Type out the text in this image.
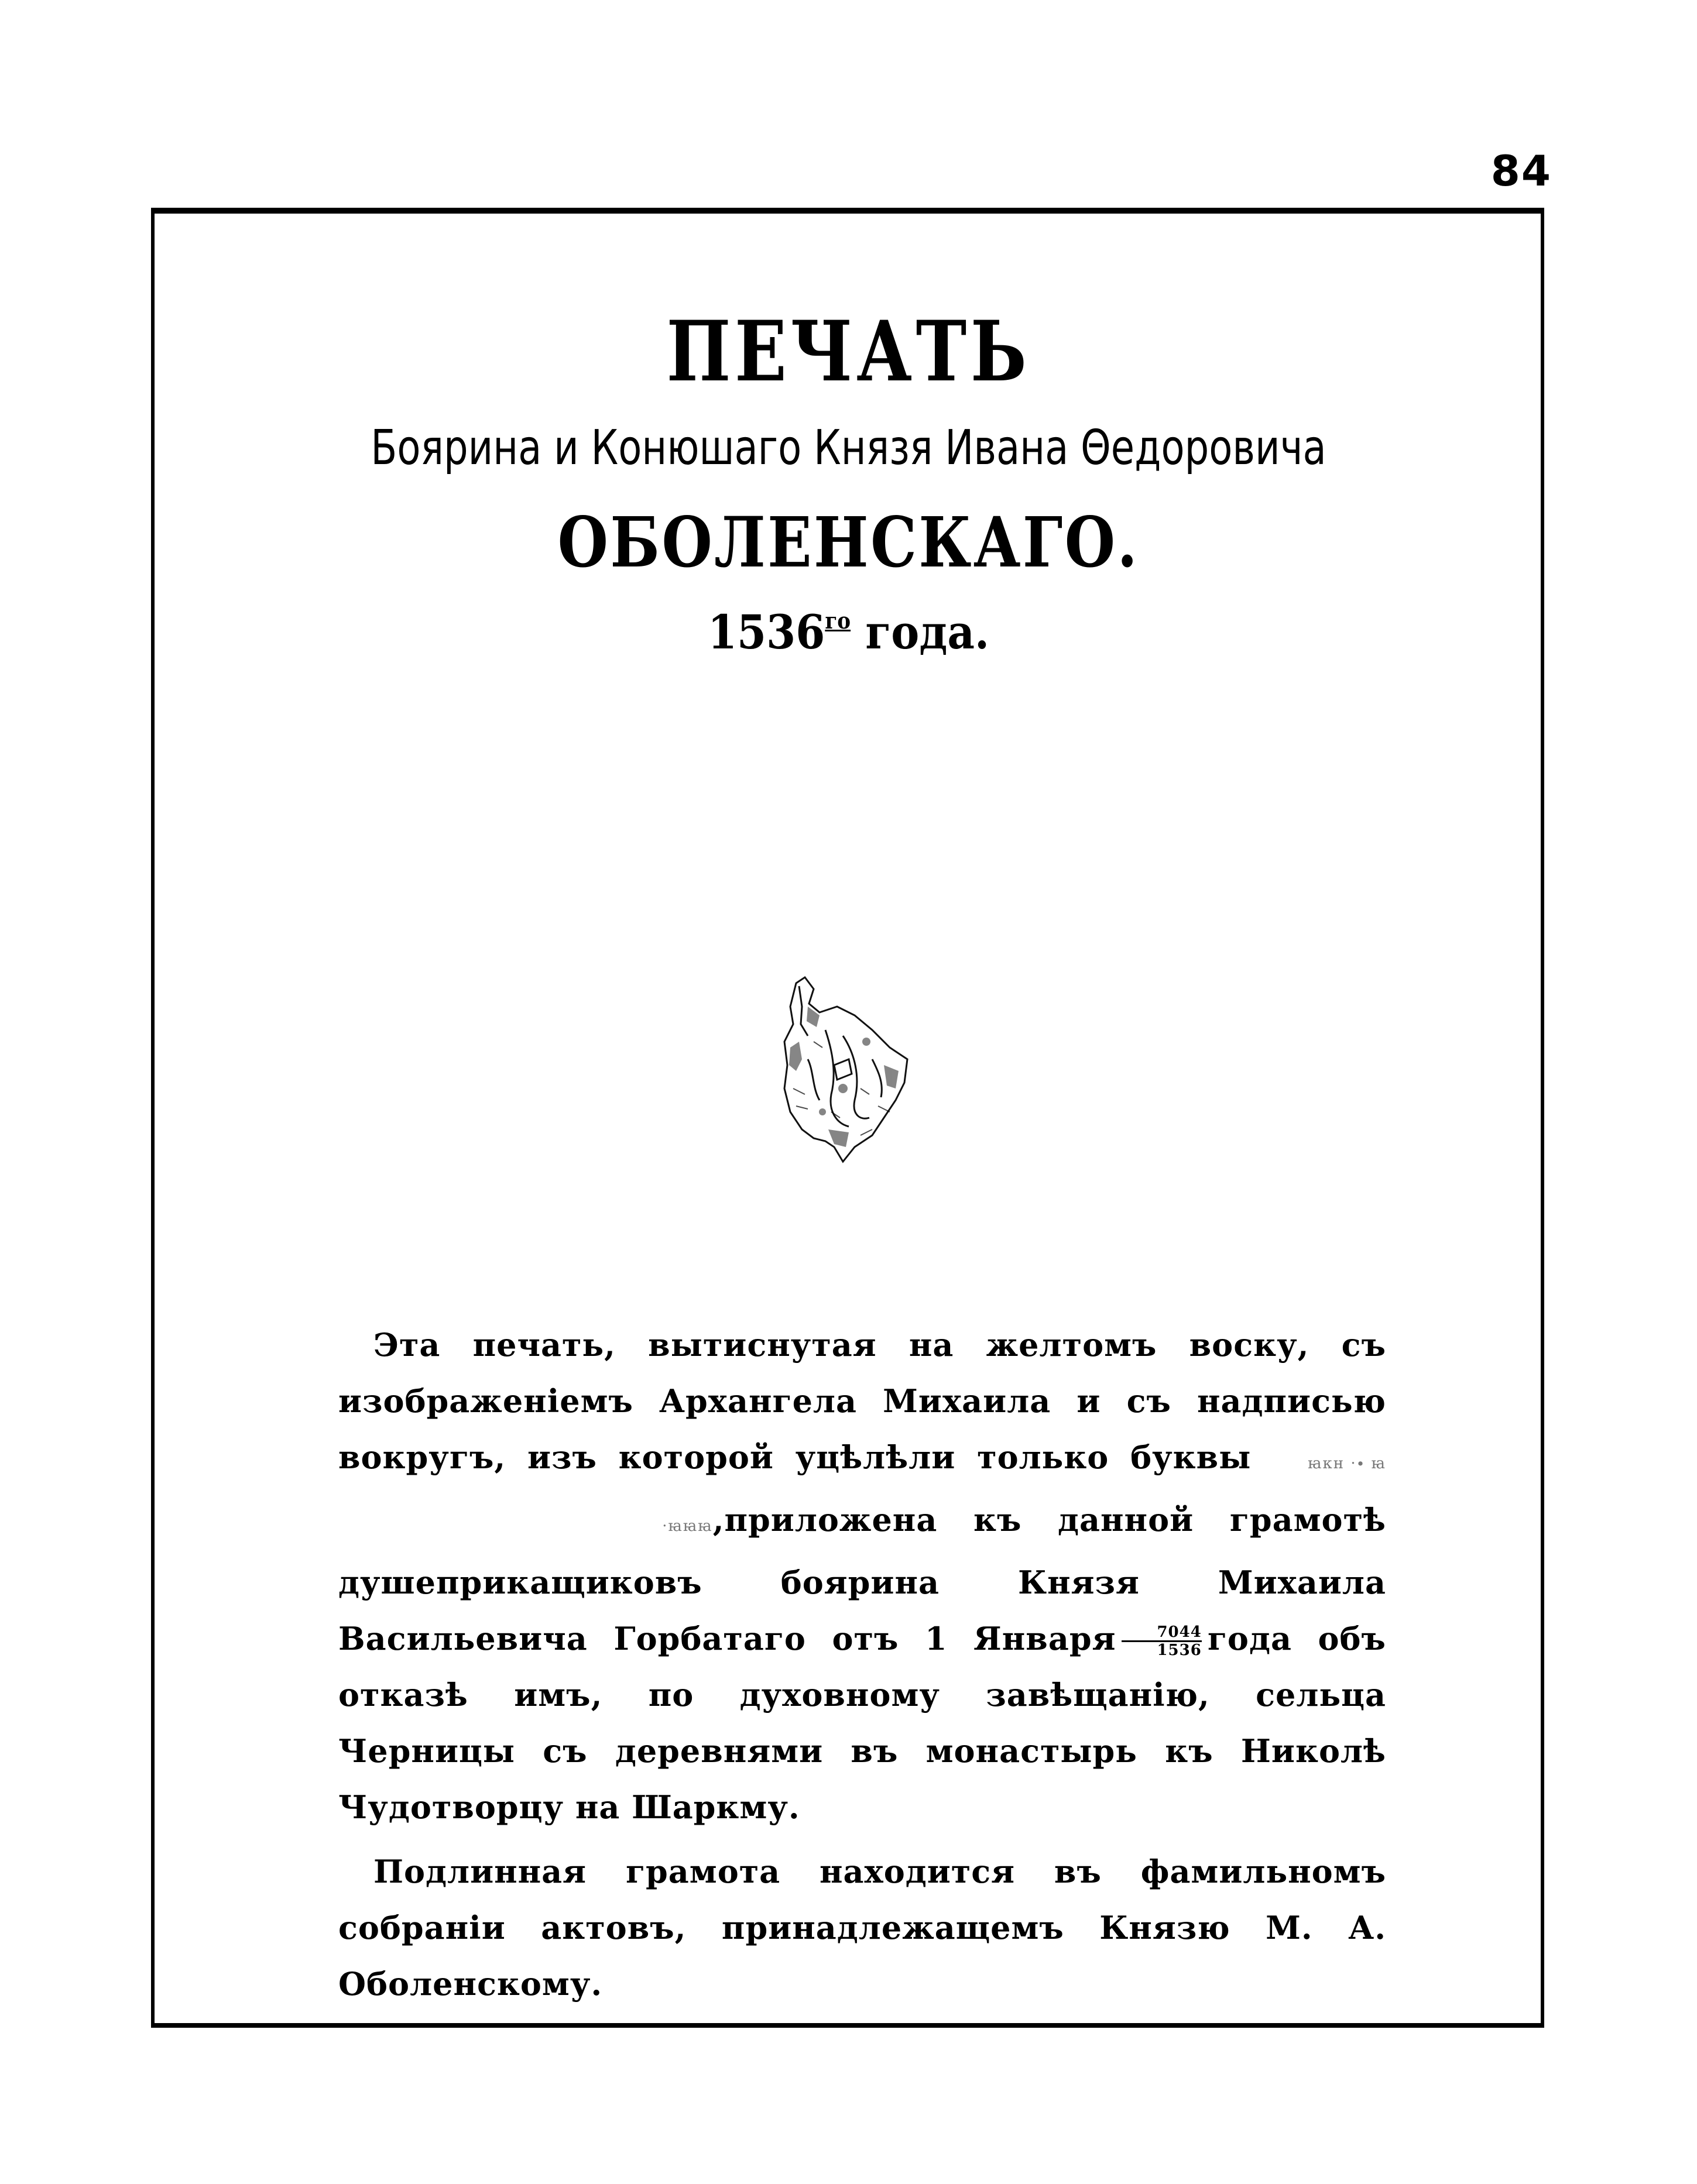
84
ПЕЧАТЬ
Боярина и Конюшаго Князя Ивана Θедоровича
ОБОЛЕНСКАГО.
$1536^{го}$ года.

Эта печать, вытиснутая на желтомъ воску, съ изображенiемъ Архангела Михаила и съ надписью вокругъ, изъ которой уцѣлѣли только буквы	ꙗкн ·∙ ꙗ        ·ꙗꙗꙗ,приложена къ данной грамотѣ душеприкащиковъ боярина Князя Михаила Васильевича Горбатаго отъ 1 Января $\frac{7044}{1536}$ года объ отказѣ имъ, по духовному завѣщанiю, сельца Черницы съ деревнями въ монастырь къ Николѣ Чудотворцу на Шаркму.

Подлинная грамота находится въ фамильномъ собранiи актовъ, принадлежащемъ Князю М. А. Оболенскому.
